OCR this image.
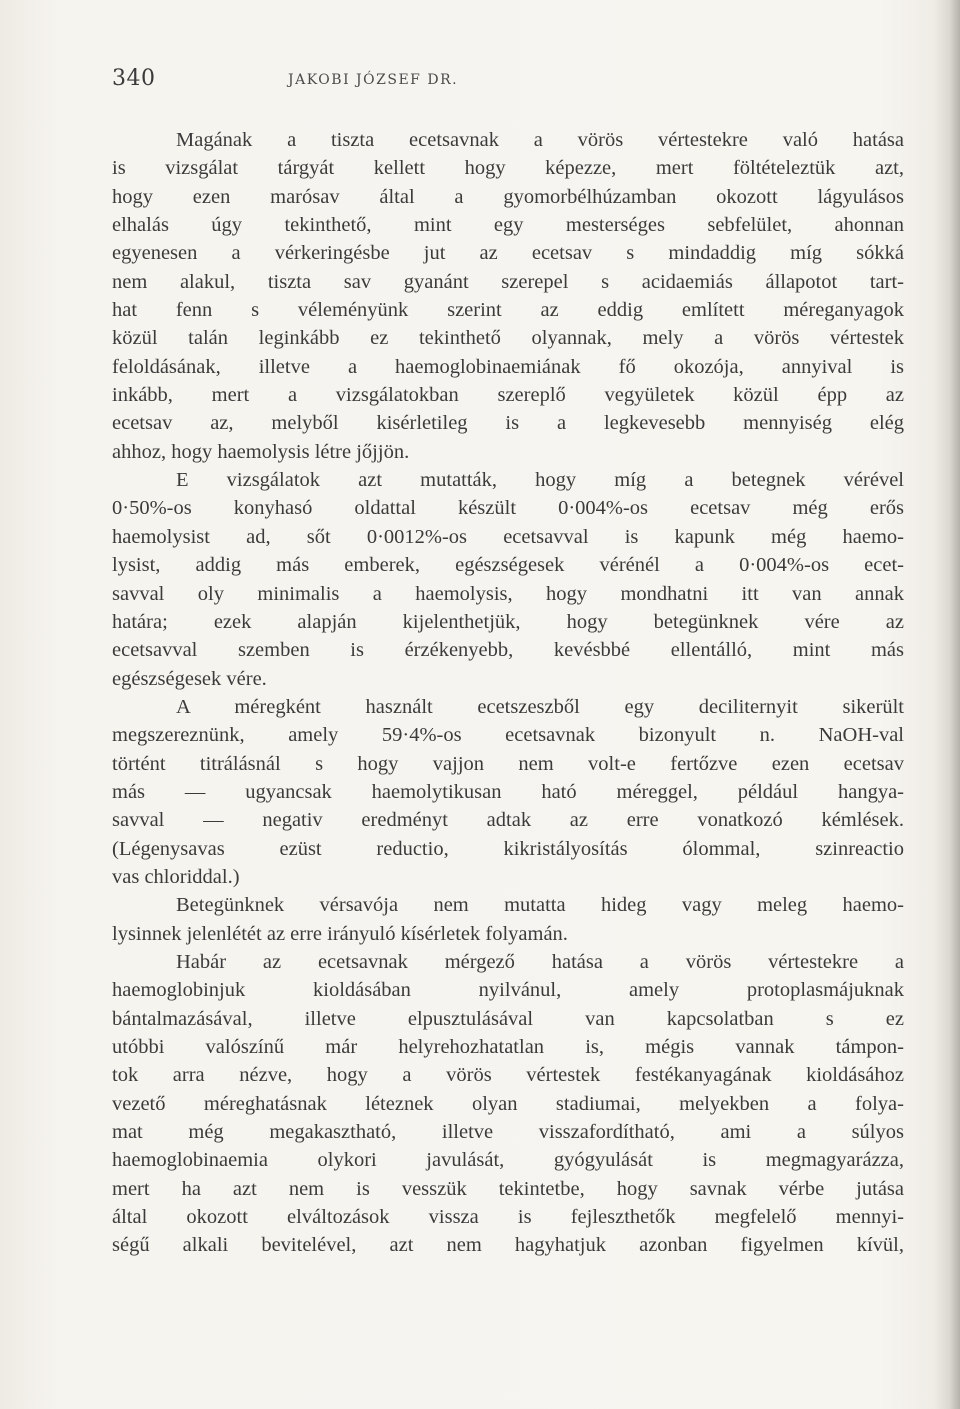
340	JAKOBI JÓZSEF DR.
Magának a tiszta ecetsavnak a vörös vértestekre való hatása
is vizsgálat tárgyát kellett hogy képezze, mert föltételeztük azt,
hogy ezen marósav által a gyomorbélhúzamban okozott lágyulásos
elhalás úgy tekinthető, mint egy mesterséges sebfelület, ahonnan
egyenesen a vérkeringésbe jut az ecetsav s mindaddig míg sókká
nem alakul, tiszta sav gyanánt szerepel s acidaemiás állapotot tart-
hat fenn s véleményünk szerint az eddig említett méreganyagok
közül talán leginkább ez tekinthető olyannak, mely a vörös vértestek
feloldásának, illetve a haemoglobinaemiának fő okozója, annyival is
inkább, mert a vizsgálatokban szereplő vegyületek közül épp az
ecetsav az, melyből kisérletileg is a legkevesebb mennyiség elég
ahhoz, hogy haemolysis létre jőjjön.
E vizsgálatok azt mutatták, hogy míg a betegnek vérével
0·50%-os konyhasó oldattal készült 0·004%-os ecetsav még erős
haemolysist ad, sőt 0·0012%-os ecetsavval is kapunk még haemo-
lysist, addig más emberek, egészségesek vérénél a 0·004%-os ecet-
savval oly minimalis a haemolysis, hogy mondhatni itt van annak
határa; ezek alapján kijelenthetjük, hogy betegünknek vére az
ecetsavval szemben is érzékenyebb, kevésbbé ellentálló, mint más
egészségesek vére.
A méregként használt ecetszeszből egy deciliternyit sikerült
megszereznünk, amely 59·4%-os ecetsavnak bizonyult n. NaOH-val
történt titrálásnál s hogy vajjon nem volt-e fertőzve ezen ecetsav
más — ugyancsak haemolytikusan ható méreggel, például hangya-
savval — negativ eredményt adtak az erre vonatkozó kémlések.
(Légenysavas ezüst reductio, kikristályosítás ólommal, szinreactio
vas chloriddal.)
Betegünknek vérsavója nem mutatta hideg vagy meleg haemo-
lysinnek jelenlétét az erre irányuló kísérletek folyamán.
Habár az ecetsavnak mérgező hatása a vörös vértestekre a
haemoglobinjuk kioldásában nyilvánul, amely protoplasmájuknak
bántalmazásával, illetve elpusztulásával van kapcsolatban s ez
utóbbi valószínű már helyrehozhatatlan is, mégis vannak támpon-
tok arra nézve, hogy a vörös vértestek festékanyagának kioldásához
vezető méreghatásnak léteznek olyan stadiumai, melyekben a folya-
mat még megakasztható, illetve visszafordítható, ami a súlyos
haemoglobinaemia olykori javulását, gyógyulását is megmagyarázza,
mert ha azt nem is vesszük tekintetbe, hogy savnak vérbe jutása
által okozott elváltozások vissza is fejleszthetők megfelelő mennyi-
ségű alkali bevitelével, azt nem hagyhatjuk azonban figyelmen kívül,
